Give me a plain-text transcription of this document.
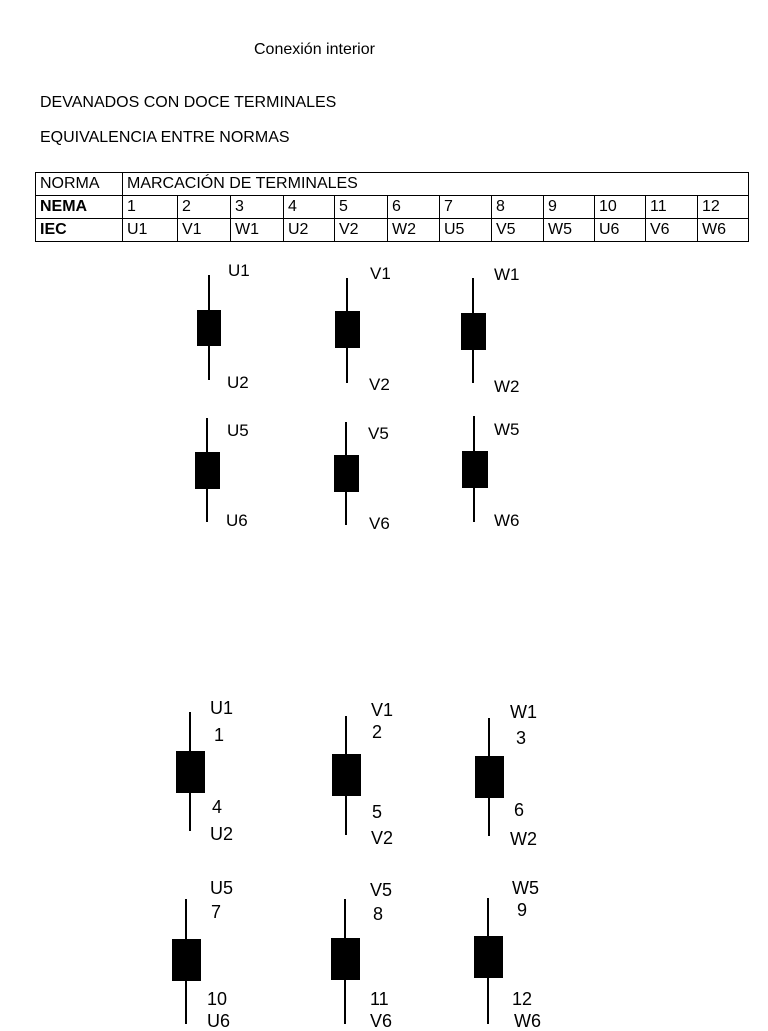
Conexión interior
DEVANADOS CON DOCE TERMINALES
EQUIVALENCIA ENTRE NORMAS
NORMA	MARCACIÓN DE TERMINALES											
NEMA	1	2	3	4	5	6	7	8	9	10	11	12
IEC	U1	V1	W1	U2	V2	W2	U5	V5	W5	U6	V6	W6
U1
U2
V1
V2
W1
W2
U5
U6
V5
V6
W5
W6
U1
1
4
U2
V1
2
5
V2
W1
3
6
W2
U5
7
10
U6
V5
8
11
V6
W5
9
12
W6
